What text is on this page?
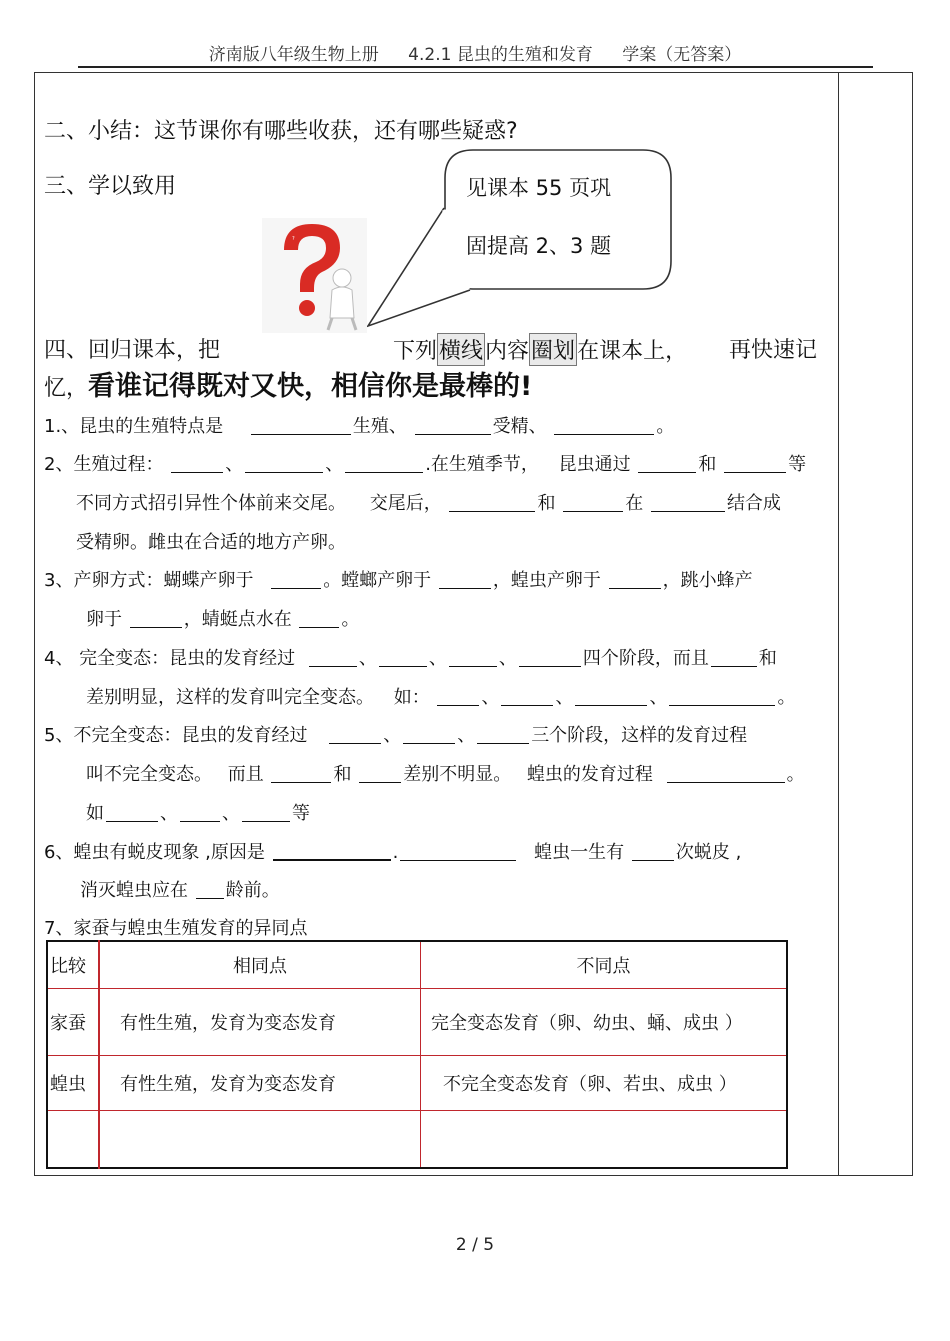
济南版八年级生物上册 4.2.1 昆虫的生殖和发育 学案（无答案）
二、小结：这节课你有哪些收获，还有哪些疑惑?
三、学以致用	见课本 55 页巩
固提高 2、3 题
?
四、回归课本，把	下列横线内容圈划在课本上， 再快速记
忆，看谁记得既对又快，相信你是最棒的!
1.、昆虫的生殖特点是	生殖、	受精、	。
2、生殖过程：	、	、	.在生殖季节， 昆虫通过	和	等
不同方式招引异性个体前来交尾。 交尾后，	和	在	结合成
受精卵。雌虫在合适的地方产卵。
3、产卵方式：蝴蝶产卵于	。螳螂产卵于	，蝗虫产卵于	，跳小蜂产
卵于	，蜻蜓点水在	。
4、 完全变态：昆虫的发育经过	、	、	、	四个阶段，而且	和
差别明显，这样的发育叫完全变态。 如：	、	、	、	。
5、不完全变态：昆虫的发育经过	、	、	三个阶段，这样的发育过程
叫不完全变态。 而且	和	差别不明显。 蝗虫的发育过程	。
如	、 、	等
6、蝗虫有蜕皮现象 ,原因是	.	蝗虫一生有	次蜕皮 ,
消灭蝗虫应在 龄前。
7、家蚕与蝗虫生殖发育的异同点
比较	相同点	不同点
家蚕	有性生殖，发育为变态发育	完全变态发育（卵、幼虫、蛹、成虫 ）
蝗虫	有性生殖，发育为变态发育	不完全变态发育（卵、若虫、成虫 ）

2 / 5
